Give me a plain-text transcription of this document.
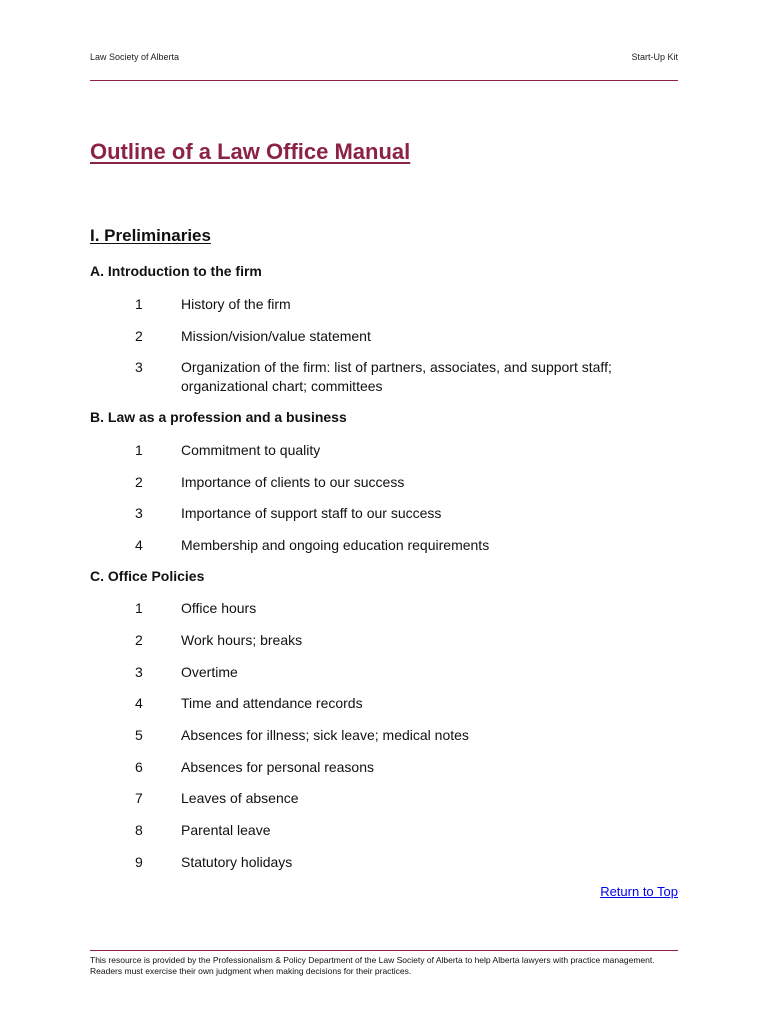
Law Society of Alberta	Start-Up Kit
Outline of a Law Office Manual
I. Preliminaries
A. Introduction to the firm
1	History of the firm
2	Mission/vision/value statement
3	Organization of the firm: list of partners, associates, and support staff; organizational chart; committees
B. Law as a profession and a business
1	Commitment to quality
2	Importance of clients to our success
3	Importance of support staff to our success
4	Membership and ongoing education requirements
C. Office Policies
1	Office hours
2	Work hours; breaks
3	Overtime
4	Time and attendance records
5	Absences for illness; sick leave; medical notes
6	Absences for personal reasons
7	Leaves of absence
8	Parental leave
9	Statutory holidays
Return to Top
This resource is provided by the Professionalism & Policy Department of the Law Society of Alberta to help Alberta lawyers with practice management. Readers must exercise their own judgment when making decisions for their practices.
